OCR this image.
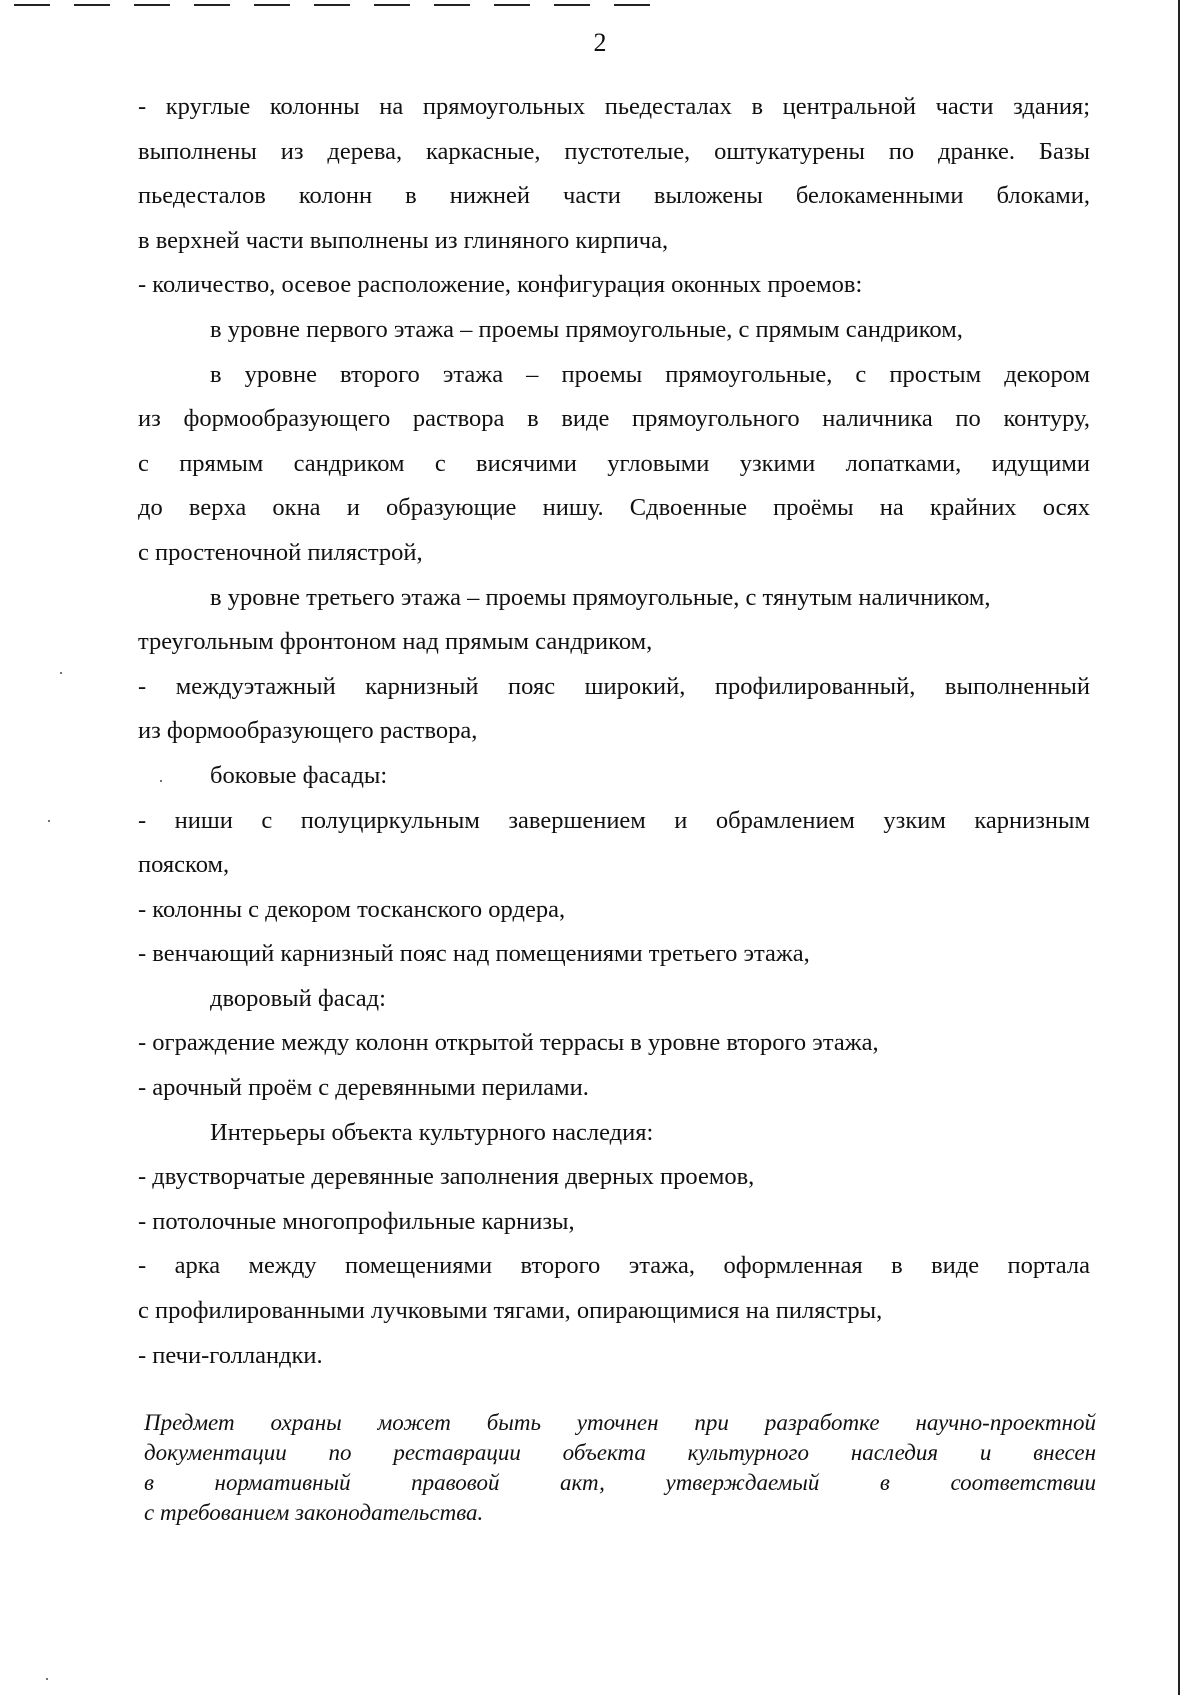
2
- круглые колонны на прямоугольных пьедесталах в центральной части здания;
выполнены из дерева, каркасные, пустотелые, оштукатурены по дранке. Базы
пьедесталов колонн в нижней части выложены белокаменными блоками,
в верхней части выполнены из глиняного кирпича,
- количество, осевое расположение, конфигурация оконных проемов:
в уровне первого этажа – проемы прямоугольные, с прямым сандриком,
в уровне второго этажа – проемы прямоугольные, с простым декором
из формообразующего раствора в виде прямоугольного наличника по контуру,
с прямым сандриком с висячими угловыми узкими лопатками, идущими
до верха окна и образующие нишу. Сдвоенные проёмы на крайних осях
с простеночной пилястрой,
в уровне третьего этажа – проемы прямоугольные, с тянутым наличником,
треугольным фронтоном над прямым сандриком,
- междуэтажный карнизный пояс широкий, профилированный, выполненный
из формообразующего раствора,
боковые фасады:
- ниши с полуциркульным завершением и обрамлением узким карнизным
пояском,
- колонны с декором тосканского ордера,
- венчающий карнизный пояс над помещениями третьего этажа,
дворовый фасад:
- ограждение между колонн открытой террасы в уровне второго этажа,
- арочный проём с деревянными перилами.
Интерьеры объекта культурного наследия:
- двустворчатые деревянные заполнения дверных проемов,
- потолочные многопрофильные карнизы,
- арка между помещениями второго этажа, оформленная в виде портала
с профилированными лучковыми тягами, опирающимися на пилястры,
- печи-голландки.
Предмет охраны может быть уточнен при разработке научно-проектной
документации по реставрации объекта культурного наследия и внесен
в нормативный правовой акт, утверждаемый в соответствии
с требованием законодательства.
